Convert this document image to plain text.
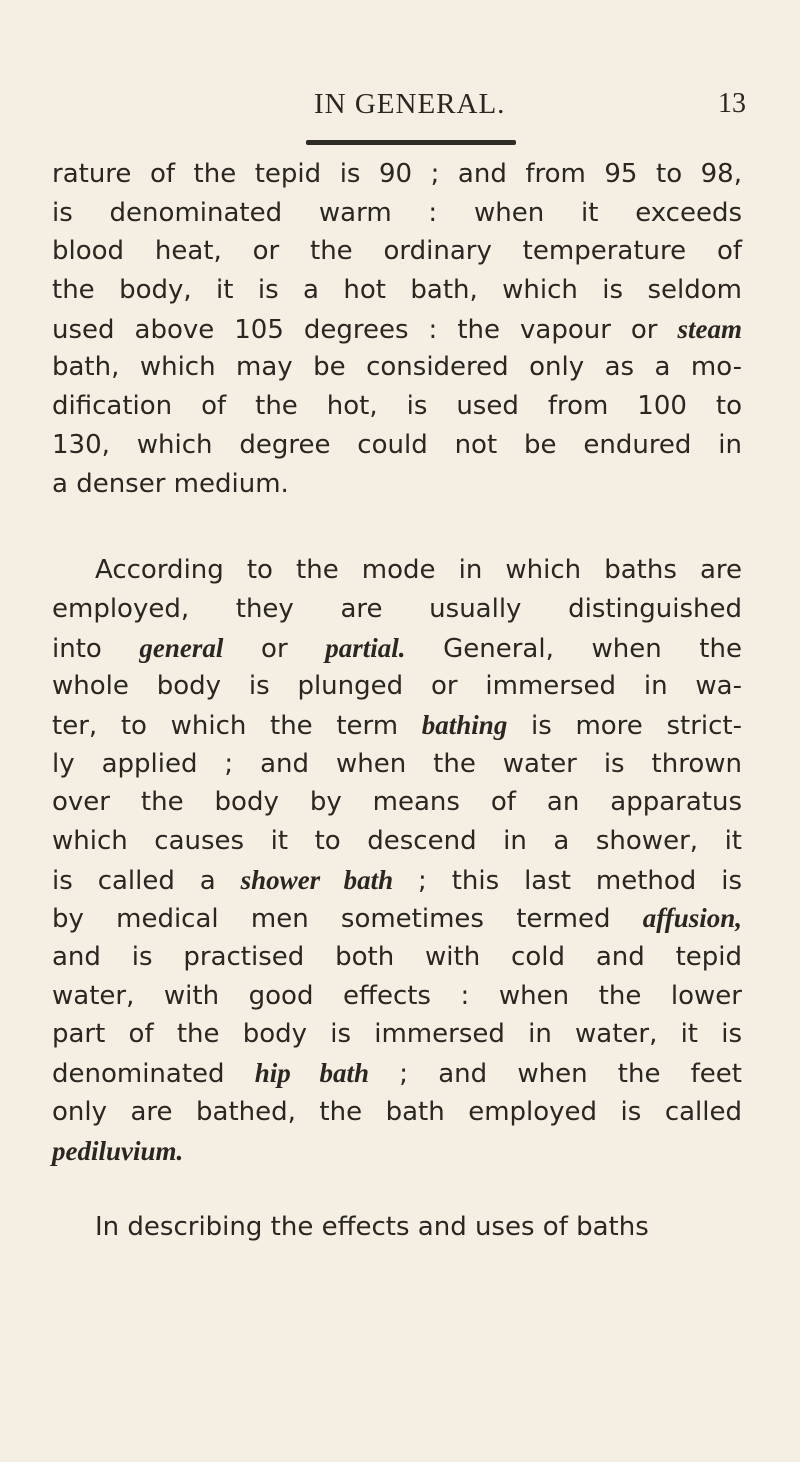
IN GENERAL.	13
rature of the tepid is 90 ; and from 95 to 98,
is denominated warm : when it exceeds
blood heat, or the ordinary temperature of
the body, it is a hot bath, which is seldom
used above 105 degrees : the vapour or steam
bath, which may be considered only as a mo-
dification of the hot, is used from 100 to
130, which degree could not be endured in
a denser medium.
According to the mode in which baths are
employed, they are usually distinguished
into general or partial. General, when the
whole body is plunged or immersed in wa-
ter, to which the term bathing is more strict-
ly applied ; and when the water is thrown
over the body by means of an apparatus
which causes it to descend in a shower, it
is called a shower bath ; this last method is
by medical men sometimes termed affusion,
and is practised both with cold and tepid
water, with good effects : when the lower
part of the body is immersed in water, it is
denominated hip bath ; and when the feet
only are bathed, the bath employed is called
pediluvium.
In describing the effects and uses of baths
